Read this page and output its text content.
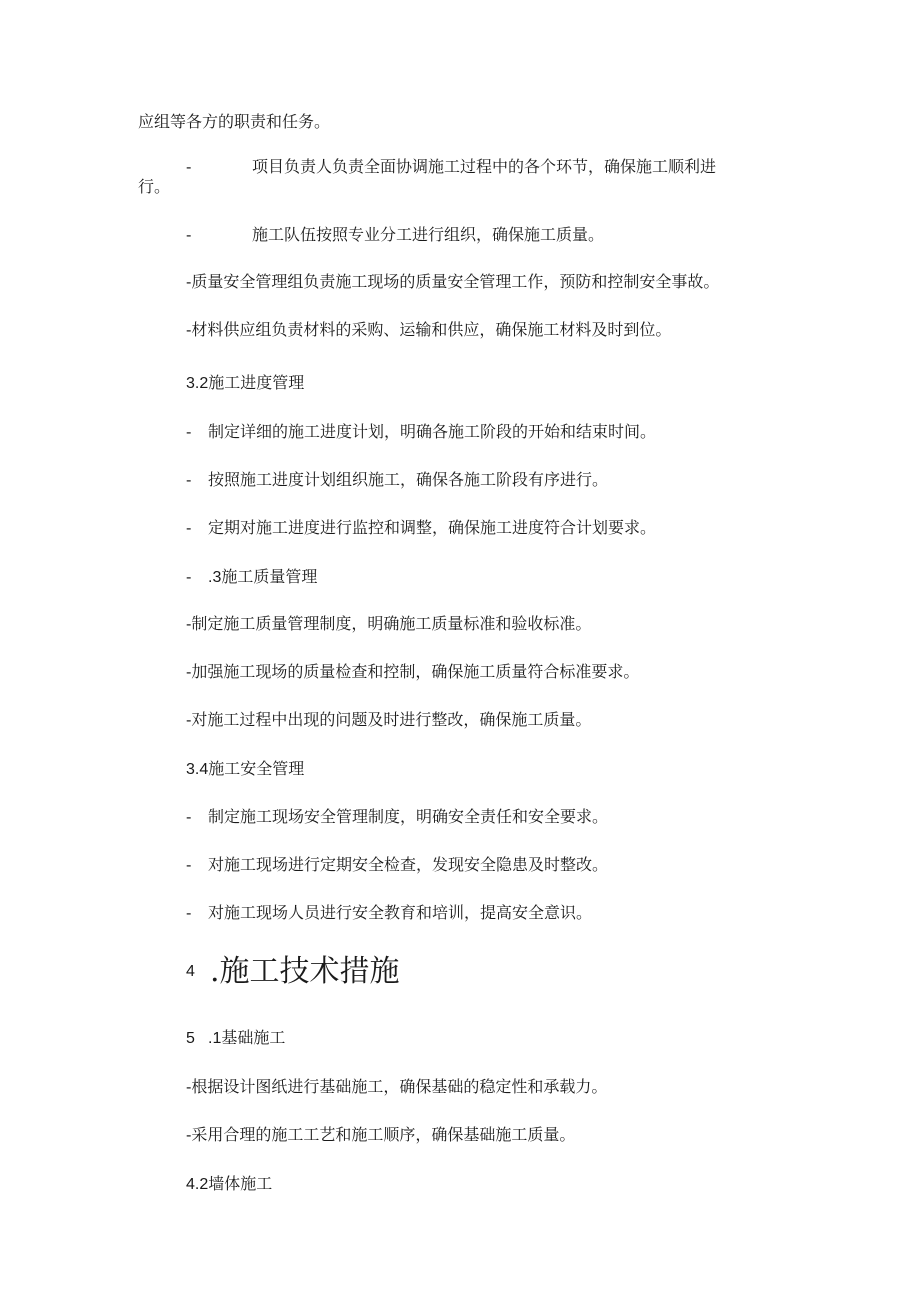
应组等各方的职责和任务。
-	项目负责人负责全面协调施工过程中的各个环节，确保施工顺利进
行。
-	施工队伍按照专业分工进行组织，确保施工质量。
-质量安全管理组负责施工现场的质量安全管理工作，预防和控制安全事故。
-材料供应组负责材料的采购、运输和供应，确保施工材料及时到位。
3.2施工进度管理
- 制定详细的施工进度计划，明确各施工阶段的开始和结束时间。
- 按照施工进度计划组织施工，确保各施工阶段有序进行。
- 定期对施工进度进行监控和调整，确保施工进度符合计划要求。
- .3施工质量管理
-制定施工质量管理制度，明确施工质量标准和验收标准。
-加强施工现场的质量检查和控制，确保施工质量符合标准要求。
-对施工过程中出现的问题及时进行整改，确保施工质量。
3.4施工安全管理
- 制定施工现场安全管理制度，明确安全责任和安全要求。
- 对施工现场进行定期安全检查，发现安全隐患及时整改。
- 对施工现场人员进行安全教育和培训，提高安全意识。
4 .施工技术措施
5 .1基础施工
-根据设计图纸进行基础施工，确保基础的稳定性和承载力。
-采用合理的施工工艺和施工顺序，确保基础施工质量。
4.2墙体施工
